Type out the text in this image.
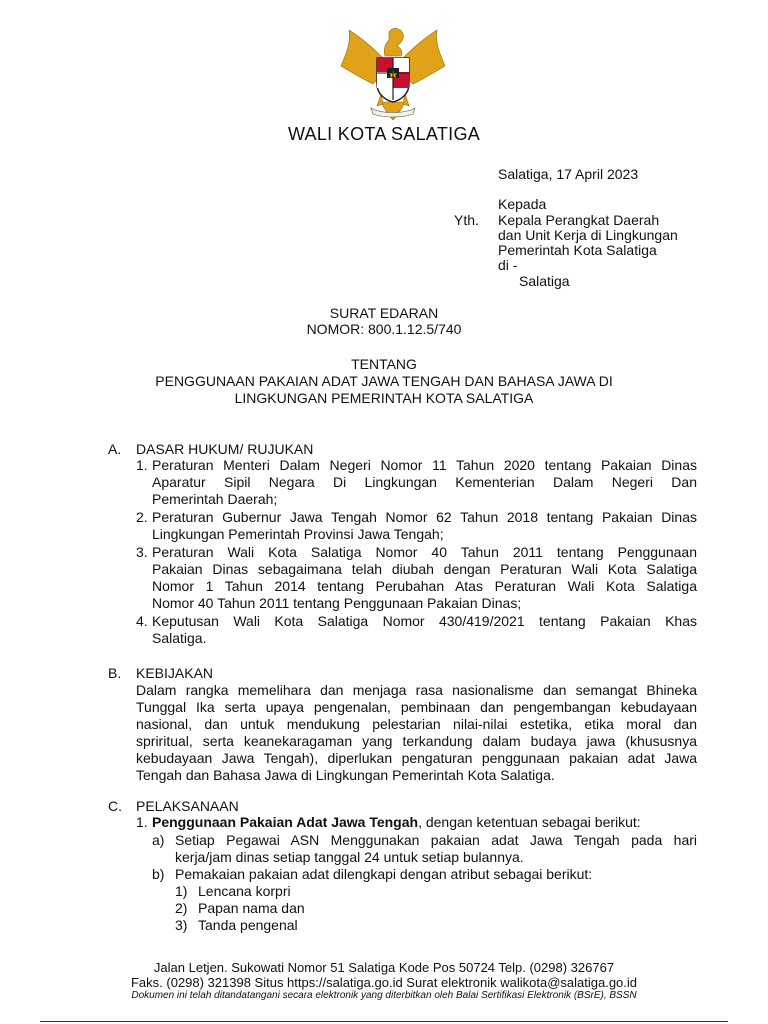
WALI KOTA SALATIGA
Salatiga, 17 April 2023
Kepada
Yth. Kepala Perangkat Daerah
dan Unit Kerja di Lingkungan
Pemerintah Kota Salatiga
di -
Salatiga
SURAT EDARAN
NOMOR: 800.1.12.5/740
TENTANG
PENGGUNAAN PAKAIAN ADAT JAWA TENGAH DAN BAHASA JAWA DI
LINGKUNGAN PEMERINTAH KOTA SALATIGA
A. DASAR HUKUM/ RUJUKAN
1. Peraturan Menteri Dalam Negeri Nomor 11 Tahun 2020 tentang Pakaian Dinas
Aparatur Sipil Negara Di Lingkungan Kementerian Dalam Negeri Dan
Pemerintah Daerah;
2. Peraturan Gubernur Jawa Tengah Nomor 62 Tahun 2018 tentang Pakaian Dinas
Lingkungan Pemerintah Provinsi Jawa Tengah;
3. Peraturan Wali Kota Salatiga Nomor 40 Tahun 2011 tentang Penggunaan
Pakaian Dinas sebagaimana telah diubah dengan Peraturan Wali Kota Salatiga
Nomor 1 Tahun 2014 tentang Perubahan Atas Peraturan Wali Kota Salatiga
Nomor 40 Tahun 2011 tentang Penggunaan Pakaian Dinas;
4. Keputusan Wali Kota Salatiga Nomor 430/419/2021 tentang Pakaian Khas
Salatiga.
B. KEBIJAKAN
Dalam rangka memelihara dan menjaga rasa nasionalisme dan semangat Bhineka
Tunggal Ika serta upaya pengenalan, pembinaan dan pengembangan kebudayaan
nasional, dan untuk mendukung pelestarian nilai-nilai estetika, etika moral dan
spriritual, serta keanekaragaman yang terkandung dalam budaya jawa (khususnya
kebudayaan Jawa Tengah), diperlukan pengaturan penggunaan pakaian adat Jawa
Tengah dan Bahasa Jawa di Lingkungan Pemerintah Kota Salatiga.
C. PELAKSANAAN
1. Penggunaan Pakaian Adat Jawa Tengah, dengan ketentuan sebagai berikut:
a) Setiap Pegawai ASN Menggunakan pakaian adat Jawa Tengah pada hari
kerja/jam dinas setiap tanggal 24 untuk setiap bulannya.
b) Pemakaian pakaian adat dilengkapi dengan atribut sebagai berikut:
1) Lencana korpri
2) Papan nama dan
3) Tanda pengenal
Jalan Letjen. Sukowati Nomor 51 Salatiga Kode Pos 50724 Telp. (0298) 326767
Faks. (0298) 321398 Situs https://salatiga.go.id Surat elektronik walikota@salatiga.go.id
Dokumen ini telah ditandatangani secara elektronik yang diterbitkan oleh Balai Sertifikasi Elektronik (BSrE), BSSN
